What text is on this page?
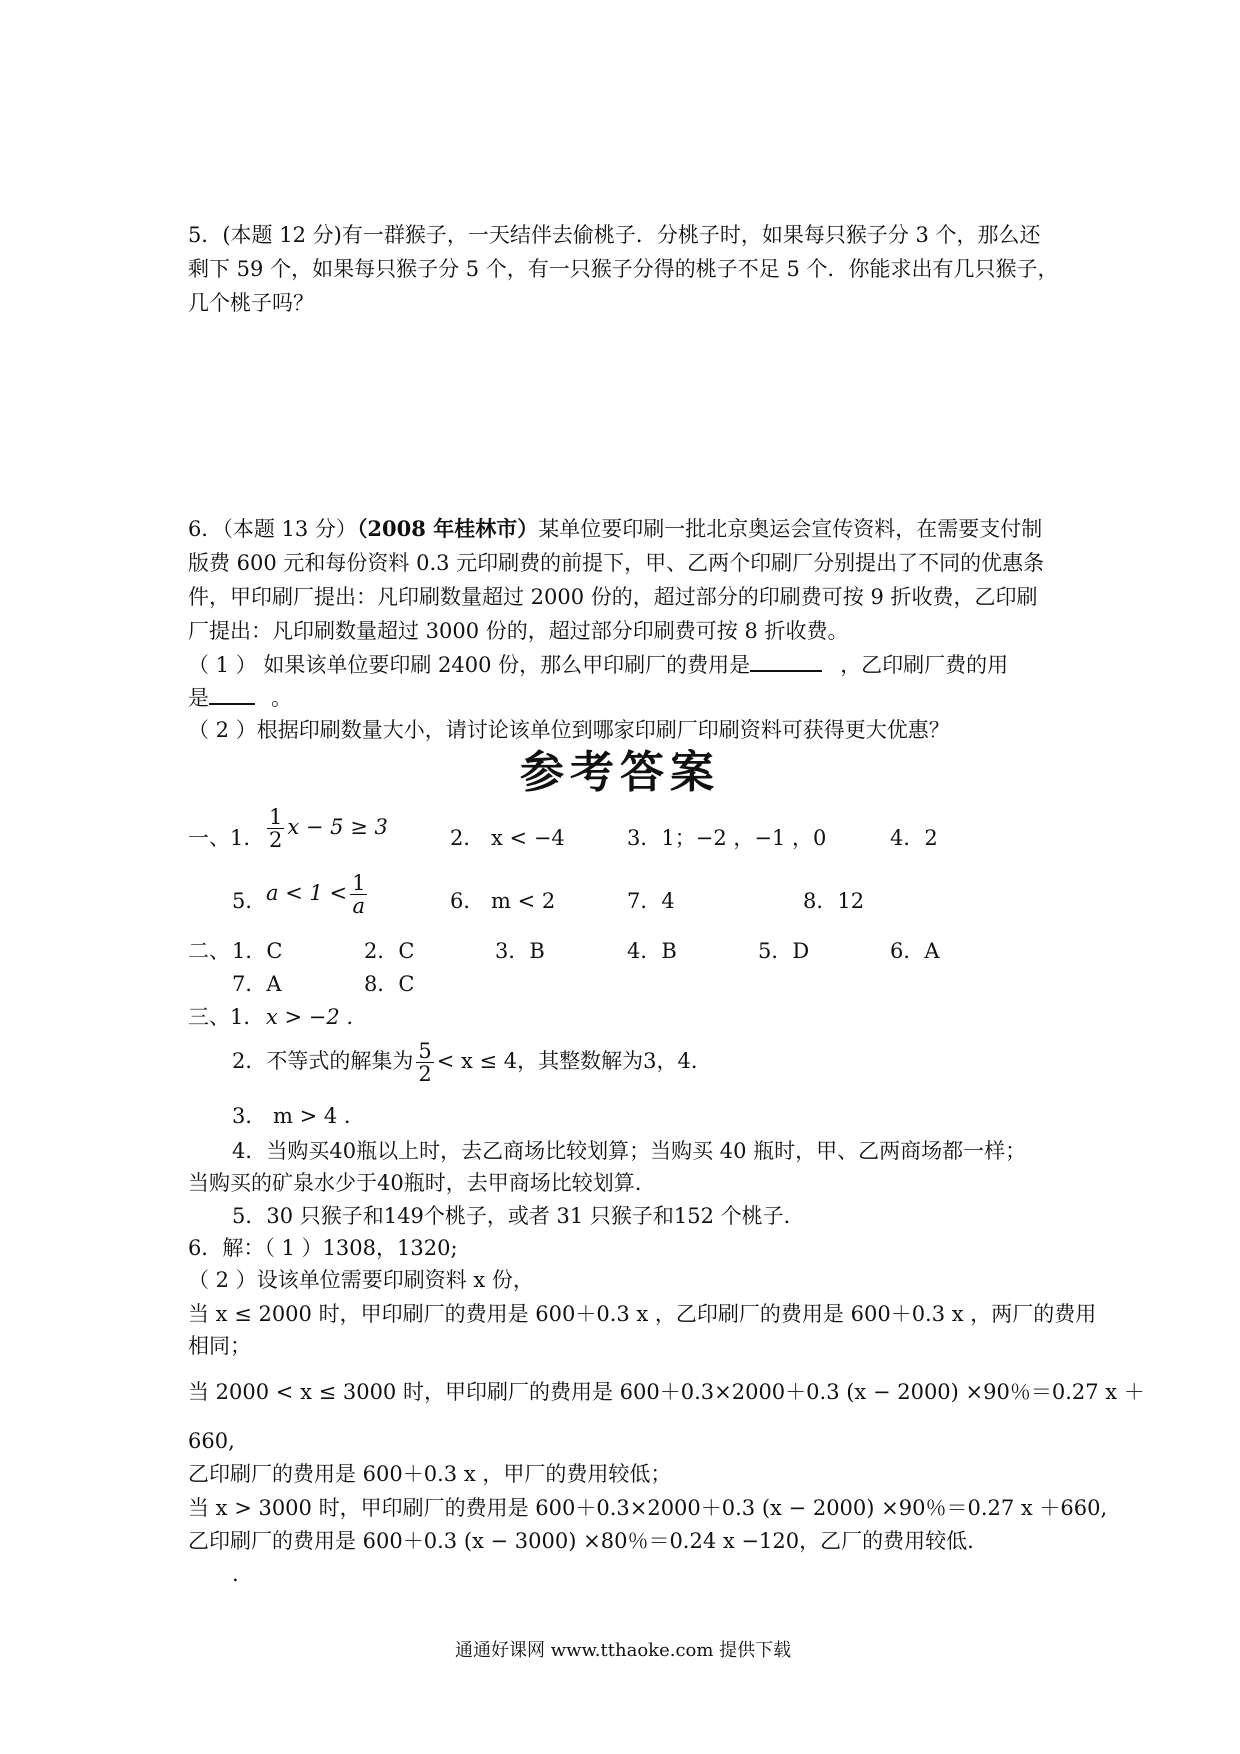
5．(本题 12 分)有一群猴子，一天结伴去偷桃子．分桃子时，如果每只猴子分 3 个，那么还
剩下 59 个，如果每只猴子分 5 个，有一只猴子分得的桃子不足 5 个．你能求出有几只猴子，
几个桃子吗？
6．（本题 13 分）（2008 年桂林市）某单位要印刷一批北京奥运会宣传资料，在需要支付制
版费 600 元和每份资料 0.3 元印刷费的前提下，甲、乙两个印刷厂分别提出了不同的优惠条
件，甲印刷厂提出：凡印刷数量超过 2000 份的，超过部分的印刷费可按 9 折收费，乙印刷
厂提出：凡印刷数量超过 3000 份的，超过部分印刷费可按 8 折收费。
（ 1 ） 如果该单位要印刷 2400 份，那么甲印刷厂的费用是	，乙印刷厂费的用
是	。
（ 2 ）根据印刷数量大小，请讨论该单位到哪家印刷厂印刷资料可获得更大优惠？
参考答案
一、1. $\frac{1}{2}$ x − 5 ≥ 3	2． x < −4	3．1；−2 ，−1 ，0	4．2
5． $a < 1 < \frac{1}{a}$	6． m < 2	7．4	8．12
二、 1．C	2．C	3．B	4．B	5．D	6．A
7．A	8．C
三、1. x > −2 .
2．不等式的解集为 $\frac{5}{2} < x \le 4$，其整数解为3，4．
3． m > 4 .
4．当购买40瓶以上时，去乙商场比较划算；当购买 40 瓶时，甲、乙两商场都一样；
当购买的矿泉水少于40瓶时，去甲商场比较划算.
5．30 只猴子和149个桃子，或者 31 只猴子和152 个桃子．
6．解：（ 1 ）1308，1320;
（ 2 ）设该单位需要印刷资料 x 份，
当 x ≤ 2000 时，甲印刷厂的费用是 600＋0.3 x ，乙印刷厂的费用是 600＋0.3 x ，两厂的费用
相同；
当 2000 < x ≤ 3000 时，甲印刷厂的费用是 600＋0.3×2000＋0.3 (x − 2000) ×90％＝0.27 x ＋
660,
乙印刷厂的费用是 600＋0.3 x ，甲厂的费用较低；
当 x > 3000 时，甲印刷厂的费用是 600＋0.3×2000＋0.3 (x − 2000) ×90％＝0.27 x ＋660,
乙印刷厂的费用是 600＋0.3 (x − 3000) ×80％＝0.24 x −120，乙厂的费用较低.
.
通通好课网 www.tthaoke.com 提供下载
